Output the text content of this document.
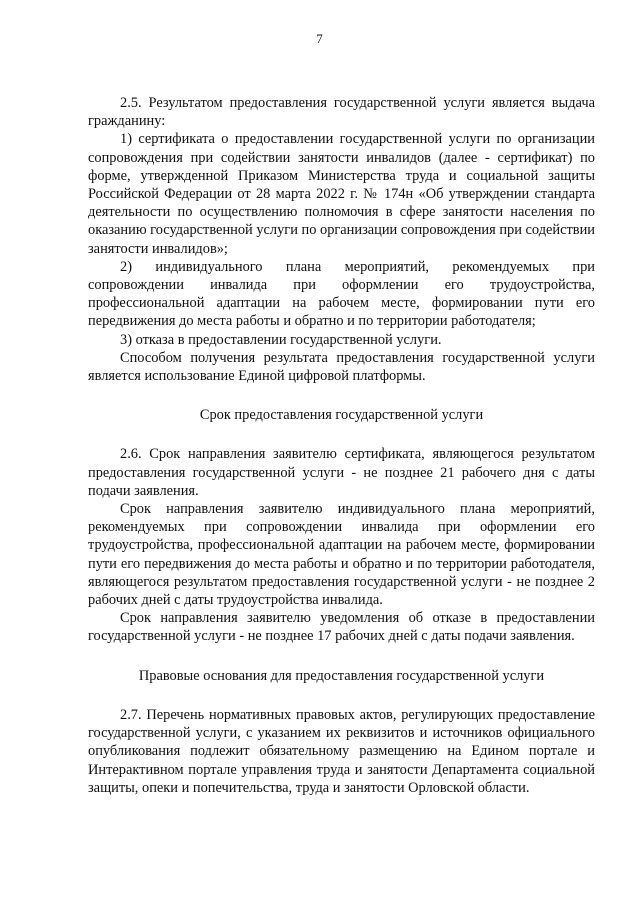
7

2.5. Результатом предоставления государственной услуги является выдача гражданину:

1) сертификата о предоставлении государственной услуги по организации сопровождения при содействии занятости инвалидов (далее - сертификат) по форме, утвержденной Приказом Министерства труда и социальной защиты Российской Федерации от 28 марта 2022 г. № 174н «Об утверждении стандарта деятельности по осуществлению полномочия в сфере занятости населения по оказанию государственной услуги по организации сопровождения при содействии занятости инвалидов»;

2) индивидуального плана мероприятий, рекомендуемых при сопровождении инвалида при оформлении его трудоустройства, профессиональной адаптации на рабочем месте, формировании пути его передвижения до места работы и обратно и по территории работодателя;

3) отказа в предоставлении государственной услуги.

Способом получения результата предоставления государственной услуги является использование Единой цифровой платформы.

Срок предоставления государственной услуги

2.6. Срок направления заявителю сертификата, являющегося результатом предоставления государственной услуги - не позднее 21 рабочего дня с даты подачи заявления.

Срок направления заявителю индивидуального плана мероприятий, рекомендуемых при сопровождении инвалида при оформлении его трудоустройства, профессиональной адаптации на рабочем месте, формировании пути его передвижения до места работы и обратно и по территории работодателя, являющегося результатом предоставления государственной услуги - не позднее 2 рабочих дней с даты трудоустройства инвалида.

Срок направления заявителю уведомления об отказе в предоставлении государственной услуги - не позднее 17 рабочих дней с даты подачи заявления.

Правовые основания для предоставления государственной услуги

2.7. Перечень нормативных правовых актов, регулирующих предоставление государственной услуги, с указанием их реквизитов и источников официального опубликования подлежит обязательному размещению на Едином портале и Интерактивном портале управления труда и занятости Департамента социальной защиты, опеки и попечительства, труда и занятости Орловской области.
